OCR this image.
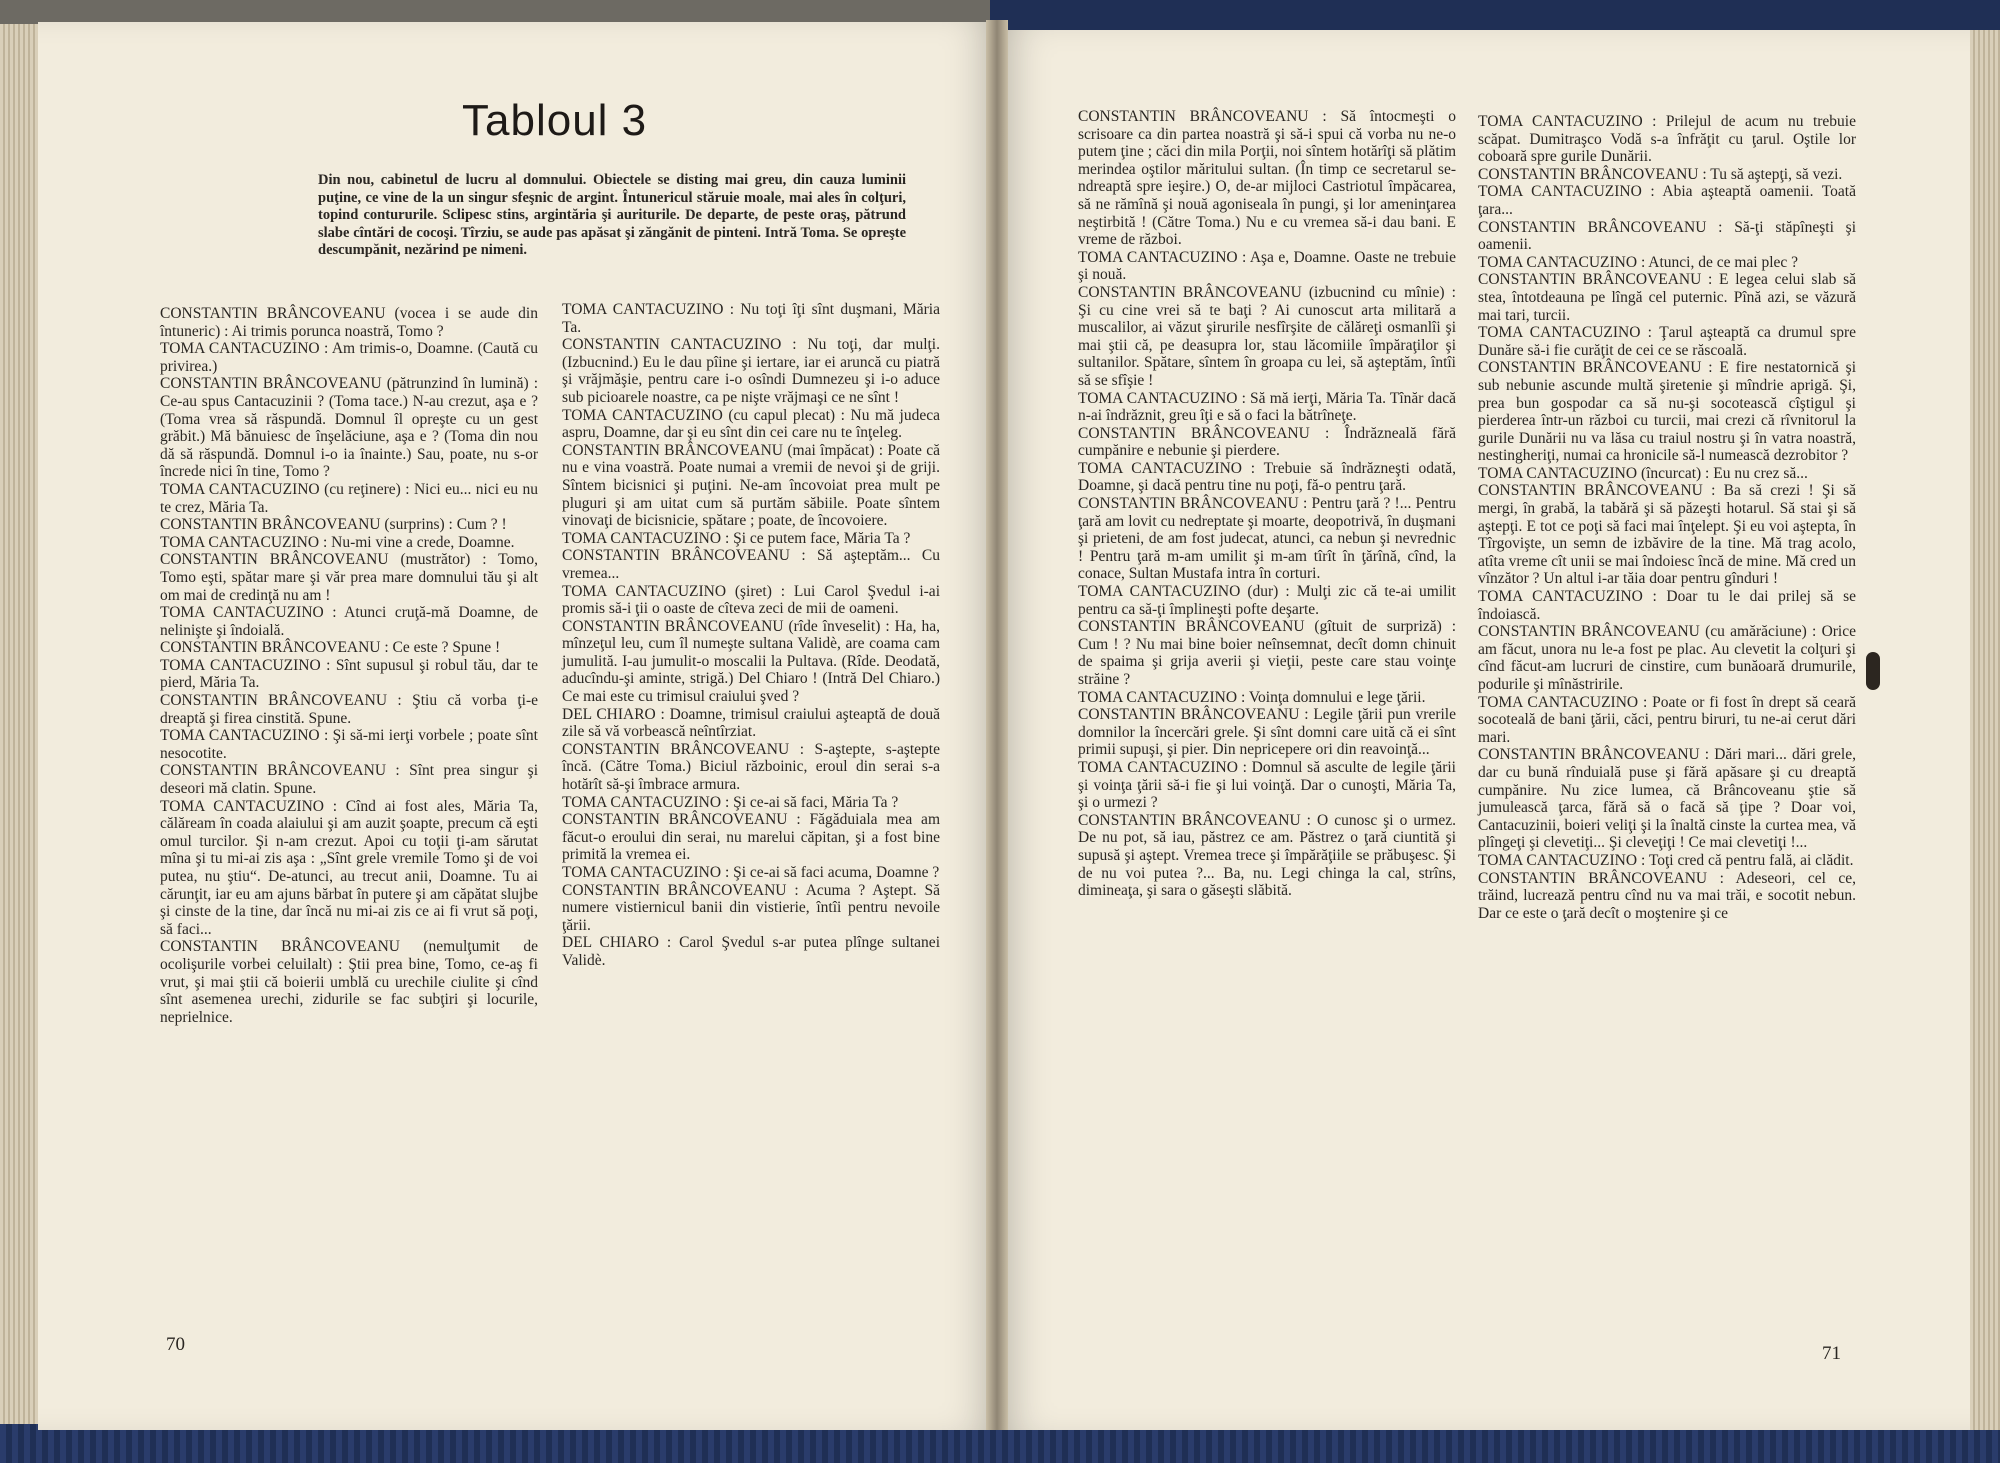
Tabloul 3
Din nou, cabinetul de lucru al domnului. Obiectele se disting mai greu, din cauza luminii puţine, ce vine de la un singur sfeşnic de argint. Întunericul stăruie moale, mai ales în colţuri, topind contururile. Sclipesc stins, argintăria şi auriturile. De departe, de peste oraş, pătrund slabe cîntări de cocoşi. Tîrziu, se aude pas apăsat şi zăngănit de pinteni. Intră Toma. Se opreşte descumpănit, nezărind pe nimeni.

CONSTANTIN BRÂNCOVEANU (vocea i se aude din întuneric) : Ai trimis porunca noastră, Tomo ?

TOMA CANTACUZINO : Am trimis-o, Doamne. (Caută cu privirea.)

CONSTANTIN BRÂNCOVEANU (pătrunzind în lumină) : Ce-au spus Cantacuzinii ? (Toma tace.) N-au crezut, aşa e ? (Toma vrea să răspundă. Domnul îl opreşte cu un gest grăbit.) Mă bănuiesc de înşelăciune, aşa e ? (Toma din nou dă să răspundă. Domnul i-o ia înainte.) Sau, poate, nu s-or încrede nici în tine, Tomo ?

TOMA CANTACUZINO (cu reţinere) : Nici eu... nici eu nu te crez, Măria Ta.

CONSTANTIN BRÂNCOVEANU (surprins) : Cum ? !

TOMA CANTACUZINO : Nu-mi vine a crede, Doamne.

CONSTANTIN BRÂNCOVEANU (mustrător) : Tomo, Tomo eşti, spătar mare şi văr prea mare domnului tău şi alt om mai de credinţă nu am !

TOMA CANTACUZINO : Atunci cruţă-mă Doamne, de nelinişte şi îndoială.

CONSTANTIN BRÂNCOVEANU : Ce este ? Spune !

TOMA CANTACUZINO : Sînt supusul şi robul tău, dar te pierd, Măria Ta.

CONSTANTIN BRÂNCOVEANU : Ştiu că vorba ţi-e dreaptă şi firea cinstită. Spune.

TOMA CANTACUZINO : Şi să-mi ierţi vorbele ; poate sînt nesocotite.

CONSTANTIN BRÂNCOVEANU : Sînt prea singur şi deseori mă clatin. Spune.

TOMA CANTACUZINO : Cînd ai fost ales, Măria Ta, călăream în coada alaiului şi am auzit şoapte, precum că eşti omul turcilor. Şi n-am crezut. Apoi cu toţii ţi-am sărutat mîna şi tu mi-ai zis aşa : „Sînt grele vremile Tomo şi de voi putea, nu ştiu“. De-atunci, au trecut anii, Doamne. Tu ai cărunţit, iar eu am ajuns bărbat în putere şi am căpătat slujbe şi cinste de la tine, dar încă nu mi-ai zis ce ai fi vrut să poţi, să faci...

CONSTANTIN BRÂNCOVEANU (nemulţumit de ocolişurile vorbei celuilalt) : Ştii prea bine, Tomo, ce-aş fi vrut, şi mai ştii că boierii umblă cu urechile ciulite şi cînd sînt asemenea urechi, zidurile se fac subţiri şi locurile, neprielnice.

TOMA CANTACUZINO : Nu toţi îţi sînt duşmani, Măria Ta.

CONSTANTIN CANTACUZINO : Nu toţi, dar mulţi. (Izbucnind.) Eu le dau pîine şi iertare, iar ei aruncă cu piatră şi vrăjmăşie, pentru care i-o osîndi Dumnezeu şi i-o aduce sub picioarele noastre, ca pe nişte vrăjmaşi ce ne sînt !

TOMA CANTACUZINO (cu capul plecat) : Nu mă judeca aspru, Doamne, dar şi eu sînt din cei care nu te înţeleg.

CONSTANTIN BRÂNCOVEANU (mai împăcat) : Poate că nu e vina voastră. Poate numai a vremii de nevoi şi de griji. Sîntem bicisnici şi puţini. Ne-am încovoiat prea mult pe pluguri şi am uitat cum să purtăm săbiile. Poate sîntem vinovaţi de bicisnicie, spătare ; poate, de încovoiere.

TOMA CANTACUZINO : Şi ce putem face, Măria Ta ?

CONSTANTIN BRÂNCOVEANU : Să aşteptăm... Cu vremea...

TOMA CANTACUZINO (şiret) : Lui Carol Şvedul i-ai promis să-i ţii o oaste de cîteva zeci de mii de oameni.

CONSTANTIN BRÂNCOVEANU (rîde înveselit) : Ha, ha, mînzeţul leu, cum îl numeşte sultana Validè, are coama cam jumulită. I-au jumulit-o moscalii la Pultava. (Rîde. Deodată, aducîndu-şi aminte, strigă.) Del Chiaro ! (Intră Del Chiaro.) Ce mai este cu trimisul craiului şved ?

DEL CHIARO : Doamne, trimisul craiului aşteaptă de două zile să vă vorbească neîntîrziat.

CONSTANTIN BRÂNCOVEANU : S-aştepte, s-aştepte încă. (Către Toma.) Biciul războinic, eroul din serai s-a hotărît să-şi îmbrace armura.

TOMA CANTACUZINO : Şi ce-ai să faci, Măria Ta ?

CONSTANTIN BRÂNCOVEANU : Făgăduiala mea am făcut-o eroului din serai, nu marelui căpitan, şi a fost bine primită la vremea ei.

TOMA CANTACUZINO : Şi ce-ai să faci acuma, Doamne ?

CONSTANTIN BRÂNCOVEANU : Acuma ? Aştept. Să numere vistiernicul banii din vistierie, întîi pentru nevoile ţării.

DEL CHIARO : Carol Şvedul s-ar putea plînge sultanei Validè.

CONSTANTIN BRÂNCOVEANU : Să întocmeşti o scrisoare ca din partea noastră şi să-i spui că vorba nu ne-o putem ţine ; căci din mila Porţii, noi sîntem hotărîţi să plătim merindea oştilor măritului sultan. (În timp ce secretarul se-ndreaptă spre ieşire.) O, de-ar mijloci Castriotul împăcarea, să ne rămînă şi nouă agoniseala în pungi, şi lor ameninţarea neştirbită ! (Către Toma.) Nu e cu vremea să-i dau bani. E vreme de război.

TOMA CANTACUZINO : Aşa e, Doamne. Oaste ne trebuie şi nouă.

CONSTANTIN BRÂNCOVEANU (izbucnind cu mînie) : Şi cu cine vrei să te baţi ? Ai cunoscut arta militară a muscalilor, ai văzut şirurile nesfîrşite de călăreţi osmanlîi şi mai ştii că, pe deasupra lor, stau lăcomiile împăraţilor şi sultanilor. Spătare, sîntem în groapa cu lei, să aşteptăm, întîi să se sfîşie !

TOMA CANTACUZINO : Să mă ierţi, Măria Ta. Tînăr dacă n-ai îndrăznit, greu îţi e să o faci la bătrîneţe.

CONSTANTIN BRÂNCOVEANU : Îndrăzneală fără cumpănire e nebunie şi pierdere.

TOMA CANTACUZINO : Trebuie să îndrăzneşti odată, Doamne, şi dacă pentru tine nu poţi, fă-o pentru ţară.

CONSTANTIN BRÂNCOVEANU : Pentru ţară ? !... Pentru ţară am lovit cu nedreptate şi moarte, deopotrivă, în duşmani şi prieteni, de am fost judecat, atunci, ca nebun şi nevrednic ! Pentru ţară m-am umilit şi m-am tîrît în ţărînă, cînd, la conace, Sultan Mustafa intra în corturi.

TOMA CANTACUZINO (dur) : Mulţi zic că te-ai umilit pentru ca să-ţi împlineşti pofte deşarte.

CONSTANTIN BRÂNCOVEANU (gîtuit de surpriză) : Cum ! ? Nu mai bine boier neînsemnat, decît domn chinuit de spaima şi grija averii şi vieţii, peste care stau voinţe străine ?

TOMA CANTACUZINO : Voinţa domnului e lege ţării.

CONSTANTIN BRÂNCOVEANU : Legile ţării pun vrerile domnilor la încercări grele. Şi sînt domni care uită că ei sînt primii supuşi, şi pier. Din nepricepere ori din reavoinţă...

TOMA CANTACUZINO : Domnul să asculte de legile ţării şi voinţa ţării să-i fie şi lui voinţă. Dar o cunoşti, Măria Ta, şi o urmezi ?

CONSTANTIN BRÂNCOVEANU : O cunosc şi o urmez. De nu pot, să iau, păstrez ce am. Păstrez o ţară ciuntită şi supusă şi aştept. Vremea trece şi împărăţiile se prăbuşesc. Şi de nu voi putea ?... Ba, nu. Legi chinga la cal, strîns, dimineaţa, şi sara o găseşti slăbită.

TOMA CANTACUZINO : Prilejul de acum nu trebuie scăpat. Dumitraşco Vodă s-a înfrăţit cu ţarul. Oştile lor coboară spre gurile Dunării.

CONSTANTIN BRÂNCOVEANU : Tu să aştepţi, să vezi.

TOMA CANTACUZINO : Abia aşteaptă oamenii. Toată ţara...

CONSTANTIN BRÂNCOVEANU : Să-ţi stăpîneşti şi oamenii.

TOMA CANTACUZINO : Atunci, de ce mai plec ?

CONSTANTIN BRÂNCOVEANU : E legea celui slab să stea, întotdeauna pe lîngă cel puternic. Pînă azi, se văzură mai tari, turcii.

TOMA CANTACUZINO : Ţarul aşteaptă ca drumul spre Dunăre să-i fie curăţit de cei ce se răscoală.

CONSTANTIN BRÂNCOVEANU : E fire nestatornică şi sub nebunie ascunde multă şiretenie şi mîndrie aprigă. Şi, prea bun gospodar ca să nu-şi socotească cîştigul şi pierderea într-un război cu turcii, mai crezi că rîvnitorul la gurile Dunării nu va lăsa cu traiul nostru şi în vatra noastră, nestingheriţi, numai ca hronicile să-l numească dezrobitor ?

TOMA CANTACUZINO (încurcat) : Eu nu crez să...

CONSTANTIN BRÂNCOVEANU : Ba să crezi ! Şi să mergi, în grabă, la tabără şi să păzeşti hotarul. Să stai şi să aştepţi. E tot ce poţi să faci mai înţelept. Şi eu voi aştepta, în Tîrgovişte, un semn de izbăvire de la tine. Mă trag acolo, atîta vreme cît unii se mai îndoiesc încă de mine. Mă cred un vînzător ? Un altul i-ar tăia doar pentru gînduri !

TOMA CANTACUZINO : Doar tu le dai prilej să se îndoiască.

CONSTANTIN BRÂNCOVEANU (cu amărăciune) : Orice am făcut, unora nu le-a fost pe plac. Au clevetit la colţuri şi cînd făcut-am lucruri de cinstire, cum bunăoară drumurile, podurile şi mînăstririle.

TOMA CANTACUZINO : Poate or fi fost în drept să ceară socoteală de bani ţării, căci, pentru biruri, tu ne-ai cerut dări mari.

CONSTANTIN BRÂNCOVEANU : Dări mari... dări grele, dar cu bună rînduială puse şi fără apăsare şi cu dreaptă cumpănire. Nu zice lumea, că Brâncoveanu ştie să jumulească ţarca, fără să o facă să ţipe ? Doar voi, Cantacuzinii, boieri veliţi şi la înaltă cinste la curtea mea, vă plîngeţi şi clevetiţi... Şi cleveţiţi ! Ce mai clevetiţi !...

TOMA CANTACUZINO : Toţi cred că pentru fală, ai clădit.

CONSTANTIN BRÂNCOVEANU : Adeseori, cel ce, trăind, lucrează pentru cînd nu va mai trăi, e socotit nebun. Dar ce este o ţară decît o moştenire şi ce

70	71
